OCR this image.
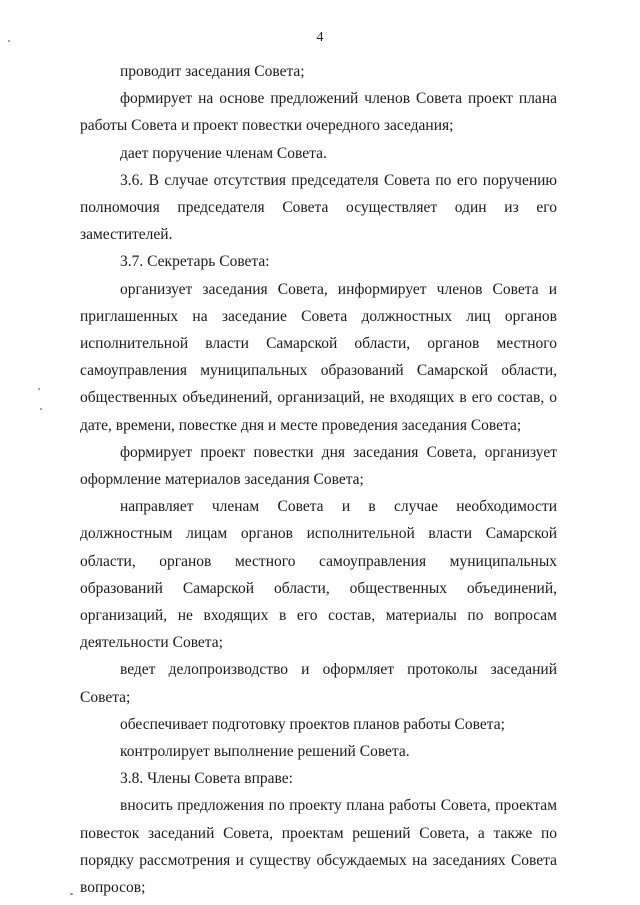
4

проводит заседания Совета;

формирует на основе предложений членов Совета проект плана работы Совета и проект повестки очередного заседания;

дает поручение членам Совета.

3.6. В случае отсутствия председателя Совета по его поручению полномочия председателя Совета осуществляет один из его заместителей.

3.7. Секретарь Совета:

организует заседания Совета, информирует членов Совета и приглашенных на заседание Совета должностных лиц органов исполнительной власти Самарской области, органов местного самоуправления муниципальных образований Самарской области, общественных объединений, организаций, не входящих в его состав, о дате, времени, повестке дня и месте проведения заседания Совета;

формирует проект повестки дня заседания Совета, организует оформление материалов заседания Совета;

направляет членам Совета и в случае необходимости должностным лицам органов исполнительной власти Самарской области, органов местного самоуправления муниципальных образований Самарской области, общественных объединений, организаций, не входящих в его состав, материалы по вопросам деятельности Совета;

ведет делопроизводство и оформляет протоколы заседаний Совета;

обеспечивает подготовку проектов планов работы Совета;

контролирует выполнение решений Совета.

3.8. Члены Совета вправе:

вносить предложения по проекту плана работы Совета, проектам повесток заседаний Совета, проектам решений Совета, а также по порядку рассмотрения и существу обсуждаемых на заседаниях Совета вопросов;
